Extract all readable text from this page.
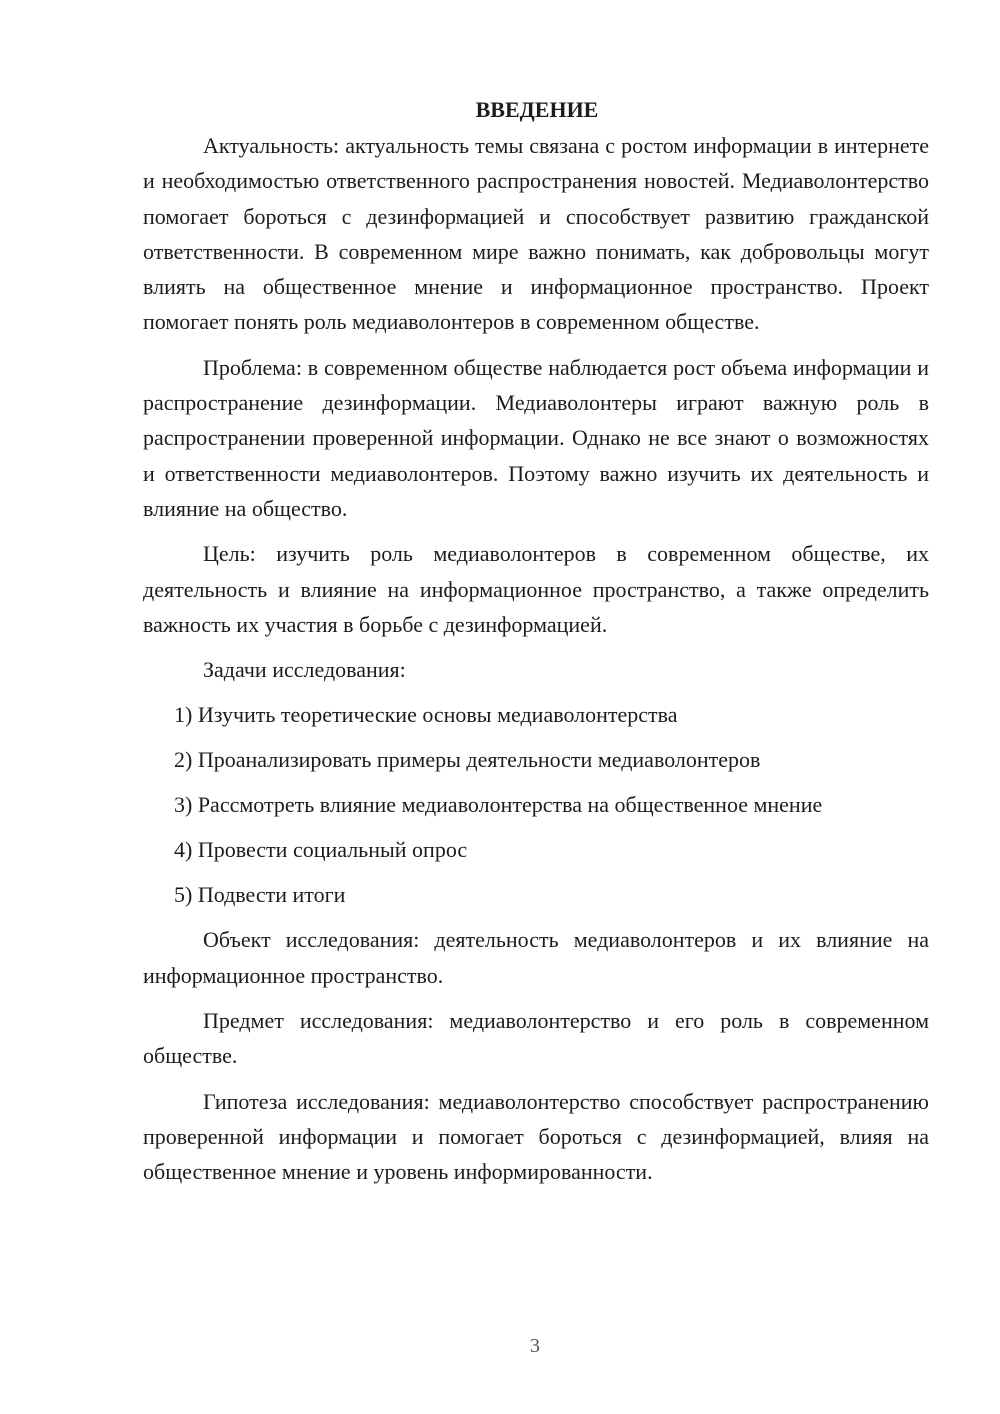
ВВЕДЕНИЕ

Актуальность: актуальность темы связана с ростом информации в интернете и необходимостью ответственного распространения новостей. Медиаволонтерство помогает бороться с дезинформацией и способствует развитию гражданской ответственности. В современном мире важно понимать, как добровольцы могут влиять на общественное мнение и информационное пространство. Проект помогает понять роль медиаволонтеров в современном обществе.

Проблема: в современном обществе наблюдается рост объема информации и распространение дезинформации. Медиаволонтеры играют важную роль в распространении проверенной информации. Однако не все знают о возможностях и ответственности медиаволонтеров. Поэтому важно изучить их деятельность и влияние на общество.

Цель: изучить роль медиаволонтеров в современном обществе, их деятельность и влияние на информационное пространство, а также определить важность их участия в борьбе с дезинформацией.

Задачи исследования:

1) Изучить теоретические основы медиаволонтерства
2) Проанализировать примеры деятельности медиаволонтеров
3) Рассмотреть влияние медиаволонтерства на общественное мнение
4) Провести социальный опрос
5) Подвести итоги

Объект исследования: деятельность медиаволонтеров и их влияние на информационное пространство.

Предмет исследования: медиаволонтерство и его роль в современном обществе.

Гипотеза исследования: медиаволонтерство способствует распространению проверенной информации и помогает бороться с дезинформацией, влияя на общественное мнение и уровень информированности.

3
